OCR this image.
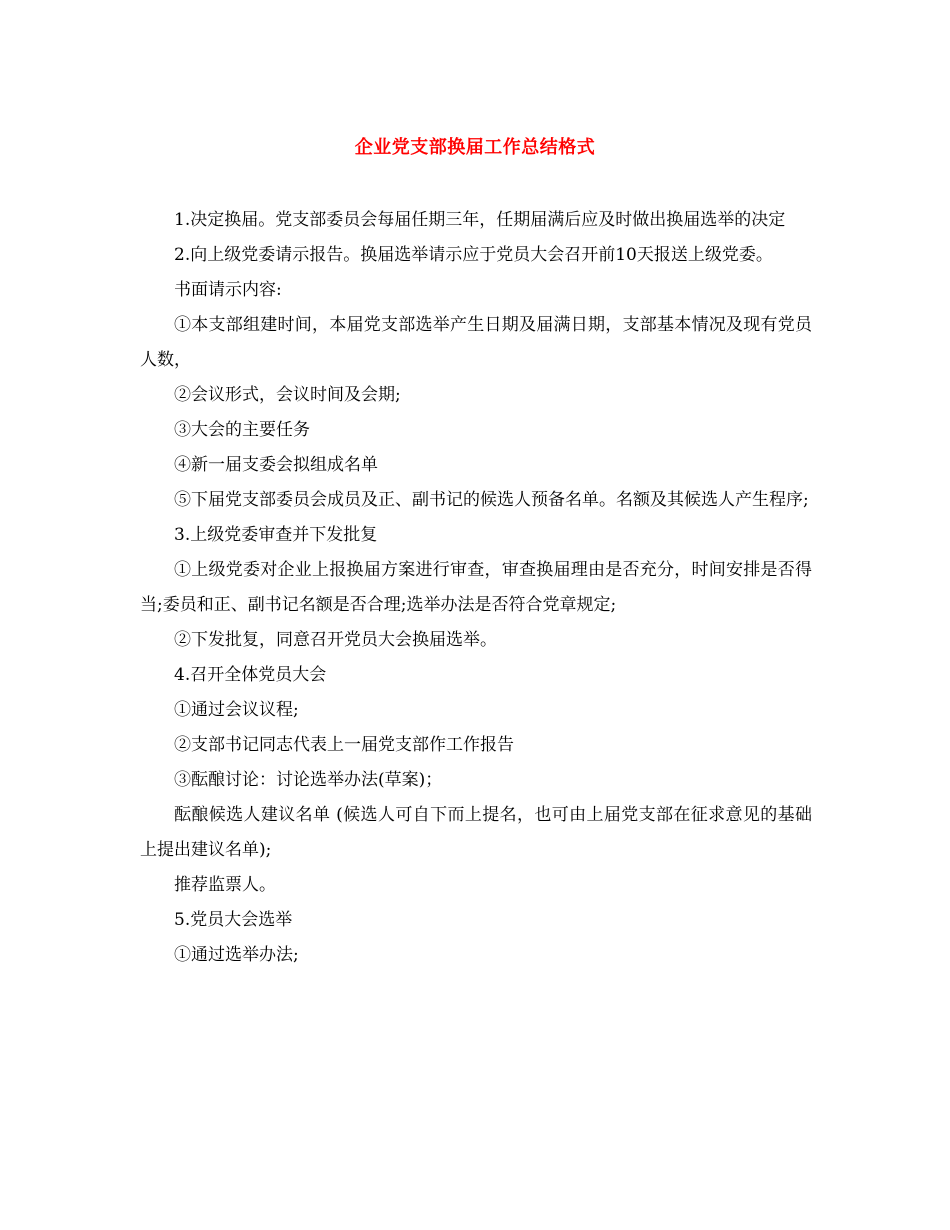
企业党支部换届工作总结格式

1.决定换届。党支部委员会每届任期三年，任期届满后应及时做出换届选举的决定

2.向上级党委请示报告。换届选举请示应于党员大会召开前10天报送上级党委。

书面请示内容:

①本支部组建时间，本届党支部选举产生日期及届满日期，支部基本情况及现有党员人数，

②会议形式，会议时间及会期;

③大会的主要任务

④新一届支委会拟组成名单

⑤下届党支部委员会成员及正、副书记的候选人预备名单。名额及其候选人产生程序;

3.上级党委审查并下发批复

①上级党委对企业上报换届方案进行审查，审查换届理由是否充分，时间安排是否得当;委员和正、副书记名额是否合理;选举办法是否符合党章规定;

②下发批复，同意召开党员大会换届选举。

4.召开全体党员大会

①通过会议议程;

②支部书记同志代表上一届党支部作工作报告

③酝酿讨论：讨论选举办法(草案)；

酝酿候选人建议名单 (候选人可自下而上提名，也可由上届党支部在征求意见的基础上提出建议名单);

推荐监票人。

5.党员大会选举

①通过选举办法;
